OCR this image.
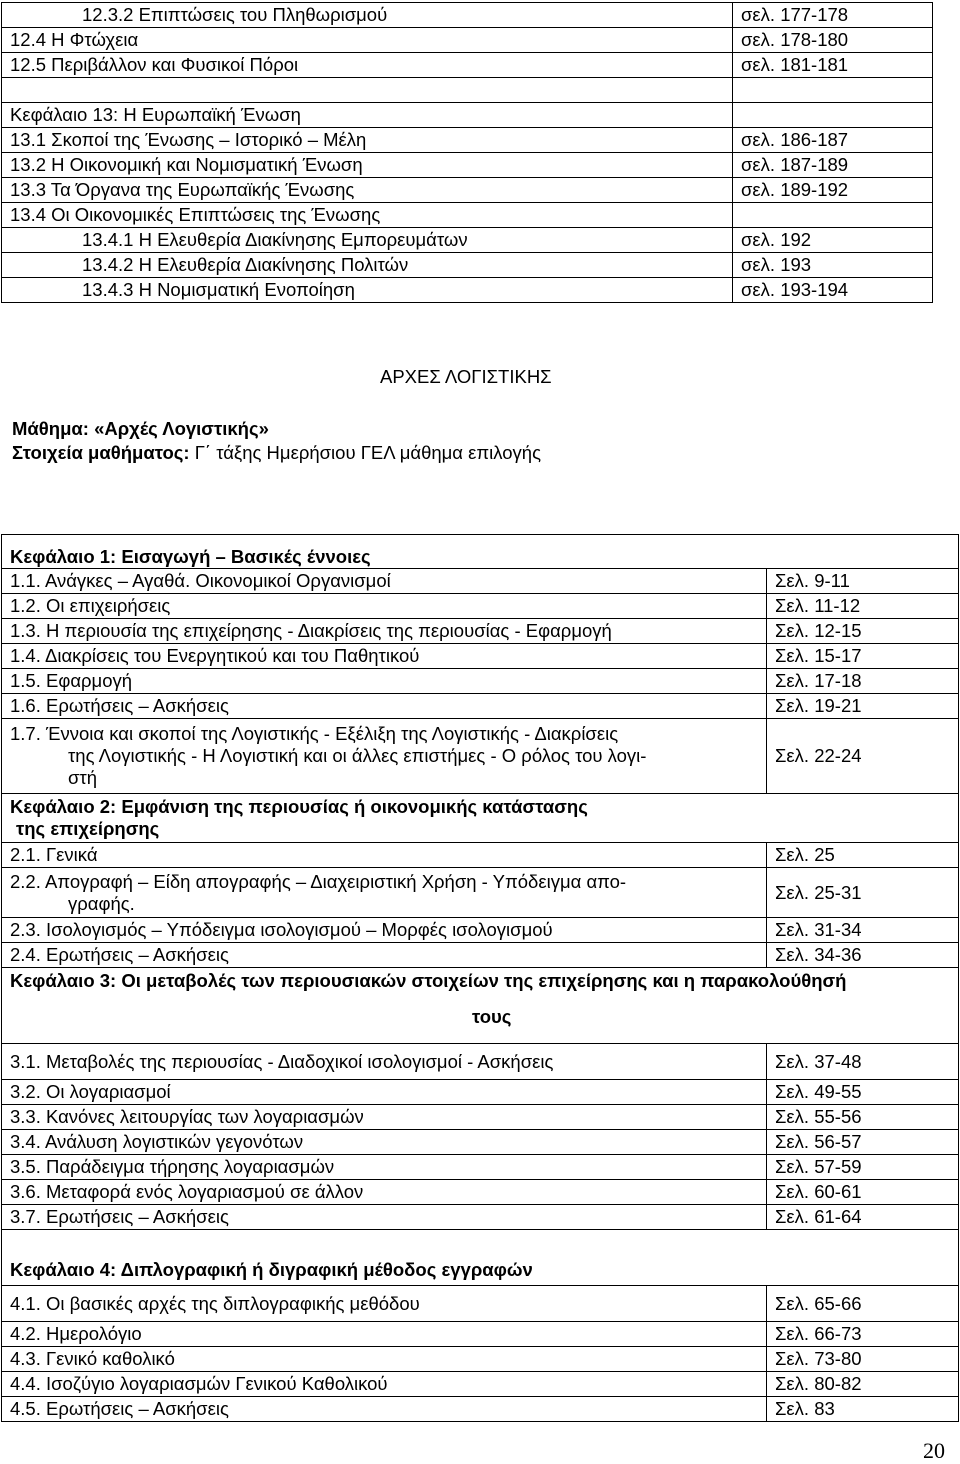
12.3.2 Επιπτώσεις του Πληθωρισμού	σελ. 177-178
12.4 Η Φτώχεια	σελ. 178-180
12.5 Περιβάλλον και Φυσικοί Πόροι	σελ. 181-181

Κεφάλαιο 13: Η Ευρωπαϊκή Ένωση	
13.1 Σκοποί της Ένωσης – Ιστορικό – Μέλη	σελ. 186-187
13.2 Η Οικονομική και Νομισματική Ένωση	σελ. 187-189
13.3 Τα Όργανα της Ευρωπαϊκής Ένωσης	σελ. 189-192
13.4 Οι Οικονομικές Επιπτώσεις της Ένωσης	
13.4.1 Η Ελευθερία Διακίνησης Εμπορευμάτων	σελ. 192
13.4.2 Η Ελευθερία Διακίνησης Πολιτών	σελ. 193
13.4.3 Η Νομισματική Ενοποίηση	σελ. 193-194
ΑΡΧΕΣ ΛΟΓΙΣΤΙΚΗΣ
Μάθημα: «Αρχές Λογιστικής»
Στοιχεία μαθήματος: Γ΄ τάξης Ημερήσιου ΓΕΛ μάθημα επιλογής
Κεφάλαιο 1: Εισαγωγή – Βασικές έννοιες	
1.1. Ανάγκες – Αγαθά. Οικονομικοί Οργανισμοί	Σελ. 9-11
1.2. Οι επιχειρήσεις	Σελ. 11-12
1.3. Η περιουσία της επιχείρησης - Διακρίσεις της περιουσίας - Εφαρμογή	Σελ. 12-15
1.4. Διακρίσεις του Ενεργητικού και του Παθητικού	Σελ. 15-17
1.5. Εφαρμογή	Σελ. 17-18
1.6. Ερωτήσεις – Ασκήσεις	Σελ. 19-21

1.7. Έννοια και σκοποί της Λογιστικής - Εξέλιξη της Λογιστικής - Διακρίσεις
της Λογιστικής - Η Λογιστική και οι άλλες επιστήμες - Ο ρόλος του λογι-
στή	Σελ. 22-24

Κεφάλαιο 2: Εμφάνιση της περιουσίας ή οικονομικής κατάστασης
της επιχείρησης	

2.1. Γενικά	Σελ. 25

2.2. Απογραφή – Είδη απογραφής – Διαχειριστική Χρήση - Υπόδειγμα απο-
γραφής.	Σελ. 25-31
2.3. Ισολογισμός – Υπόδειγμα ισολογισμού – Μορφές ισολογισμού	Σελ. 31-34
2.4. Ερωτήσεις – Ασκήσεις	Σελ. 34-36

Κεφάλαιο 3: Οι μεταβολές των περιουσιακών στοιχείων της επιχείρησης και η παρακολούθησή
τους	

3.1. Μεταβολές της περιουσίας - Διαδοχικοί ισολογισμοί - Ασκήσεις	Σελ. 37-48
3.2. Οι λογαριασμοί	Σελ. 49-55
3.3. Κανόνες λειτουργίας των λογαριασμών	Σελ. 55-56
3.4. Ανάλυση λογιστικών γεγονότων	Σελ. 56-57
3.5. Παράδειγμα τήρησης λογαριασμών	Σελ. 57-59
3.6. Μεταφορά ενός λογαριασμού σε άλλον	Σελ. 60-61
3.7. Ερωτήσεις – Ασκήσεις	Σελ. 61-64
Κεφάλαιο 4: Διπλογραφική ή διγραφική μέθοδος εγγραφών	
4.1. Οι βασικές αρχές της διπλογραφικής μεθόδου	Σελ. 65-66
4.2. Ημερολόγιο	Σελ. 66-73
4.3. Γενικό καθολικό	Σελ. 73-80
4.4. Ισοζύγιο λογαριασμών Γενικού Καθολικού	Σελ. 80-82
4.5. Ερωτήσεις – Ασκήσεις	Σελ. 83
20
